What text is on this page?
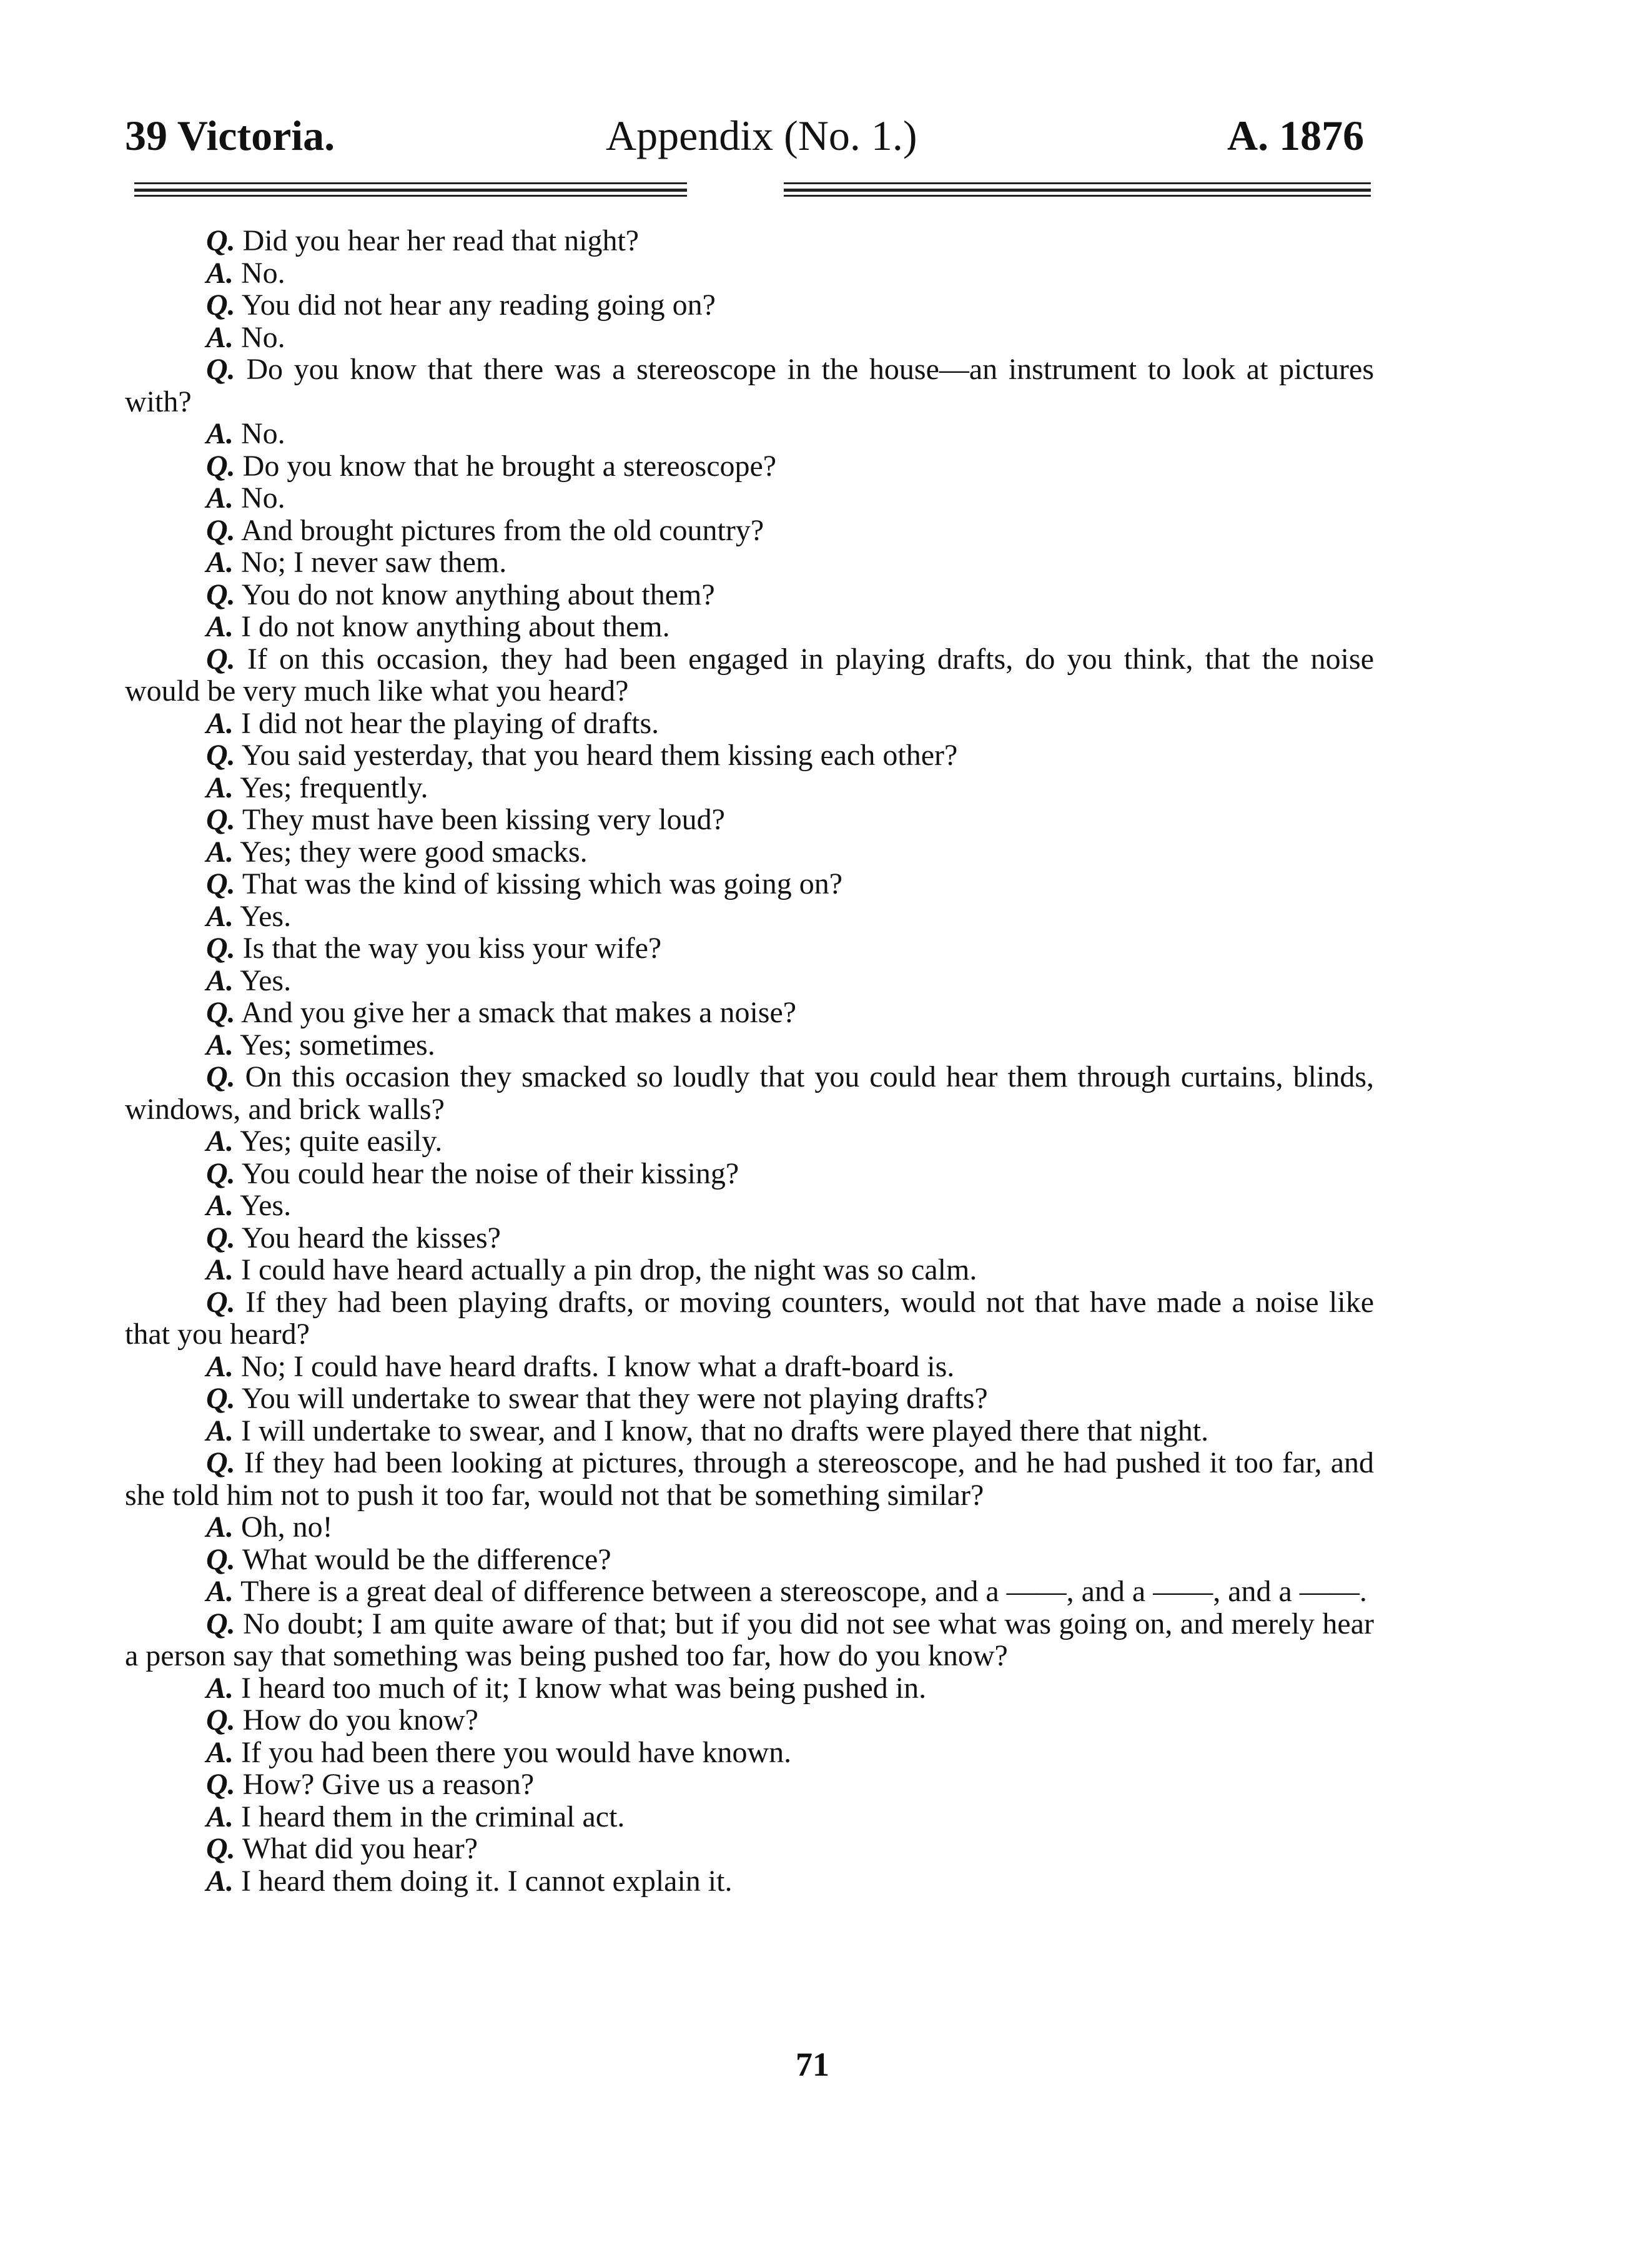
39 Victoria.	Appendix (No. 1.)	A. 1876
Q. Did you hear her read that night?
A. No.
Q. You did not hear any reading going on?
A. No.
Q. Do you know that there was a stereoscope in the house—an instrument to look at pictures with?
A. No.
Q. Do you know that he brought a stereoscope?
A. No.
Q. And brought pictures from the old country?
A. No; I never saw them.
Q. You do not know anything about them?
A. I do not know anything about them.
Q. If on this occasion, they had been engaged in playing drafts, do you think, that the noise would be very much like what you heard?
A. I did not hear the playing of drafts.
Q. You said yesterday, that you heard them kissing each other?
A. Yes; frequently.
Q. They must have been kissing very loud?
A. Yes; they were good smacks.
Q. That was the kind of kissing which was going on?
A. Yes.
Q. Is that the way you kiss your wife?
A. Yes.
Q. And you give her a smack that makes a noise?
A. Yes; sometimes.
Q. On this occasion they smacked so loudly that you could hear them through curtains, blinds, windows, and brick walls?
A. Yes; quite easily.
Q. You could hear the noise of their kissing?
A. Yes.
Q. You heard the kisses?
A. I could have heard actually a pin drop, the night was so calm.
Q. If they had been playing drafts, or moving counters, would not that have made a noise like that you heard?
A. No; I could have heard drafts. I know what a draft-board is.
Q. You will undertake to swear that they were not playing drafts?
A. I will undertake to swear, and I know, that no drafts were played there that night.
Q. If they had been looking at pictures, through a stereoscope, and he had pushed it too far, and she told him not to push it too far, would not that be something similar?
A. Oh, no!
Q. What would be the difference?
A. There is a great deal of difference between a stereoscope, and a ——, and a ——, and a ——.
Q. No doubt; I am quite aware of that; but if you did not see what was going on, and merely hear a person say that something was being pushed too far, how do you know?
A. I heard too much of it; I know what was being pushed in.
Q. How do you know?
A. If you had been there you would have known.
Q. How? Give us a reason?
A. I heard them in the criminal act.
Q. What did you hear?
A. I heard them doing it. I cannot explain it.
71
